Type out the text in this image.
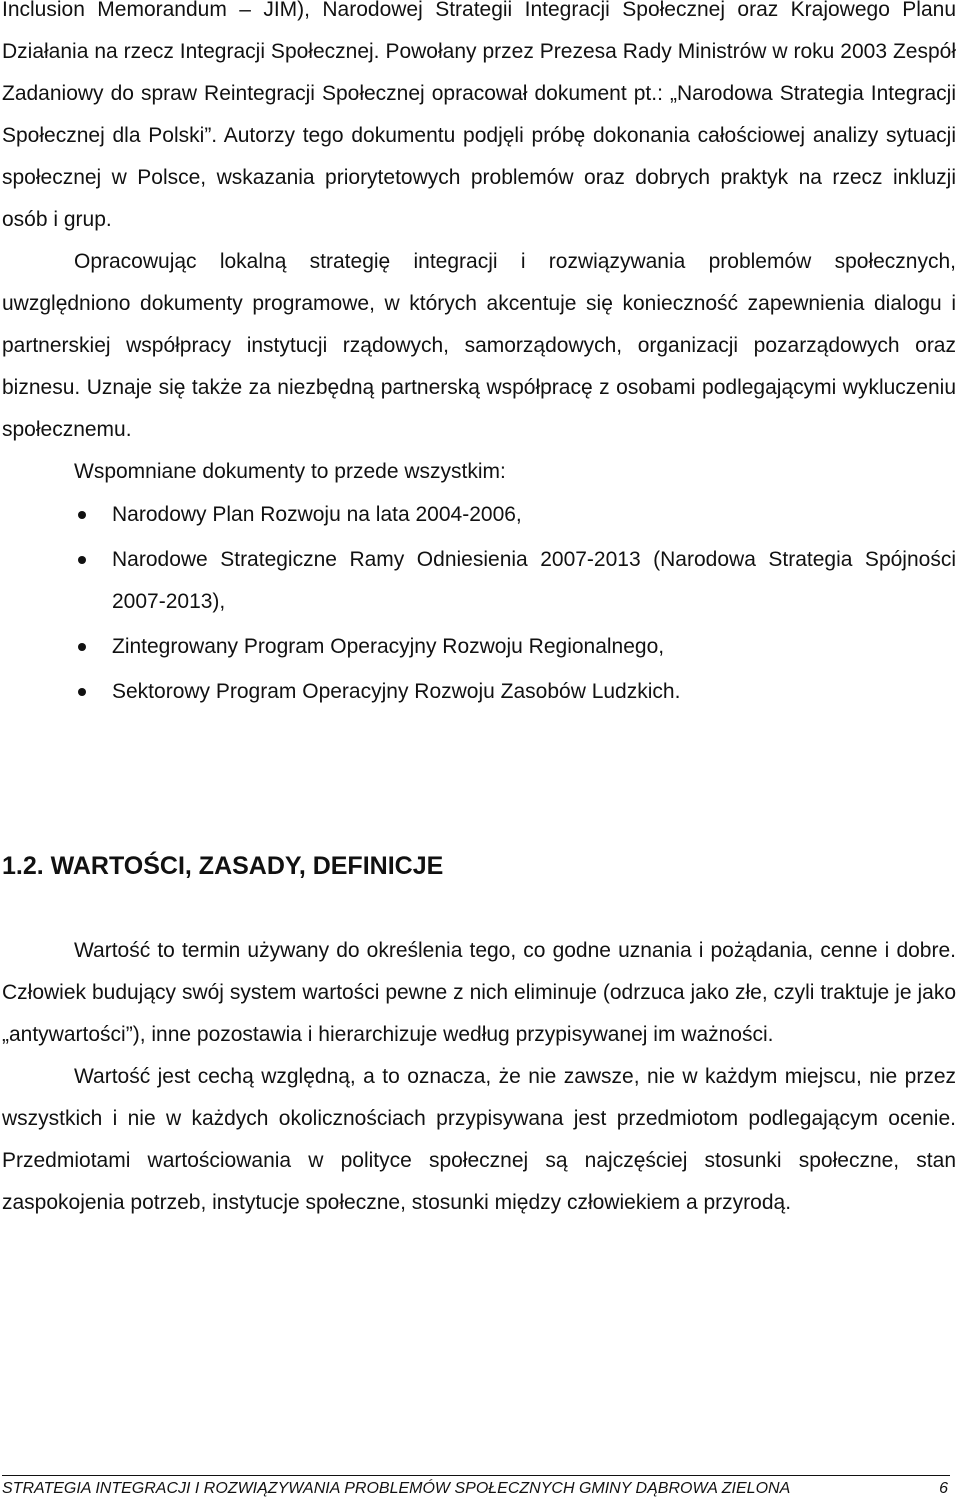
Inclusion Memorandum – JIM), Narodowej Strategii Integracji Społecznej oraz Krajowego Planu Działania na rzecz Integracji Społecznej. Powołany przez Prezesa Rady Ministrów w roku 2003 Zespół Zadaniowy do spraw Reintegracji Społecznej opracował dokument pt.: „Narodowa Strategia Integracji Społecznej dla Polski”. Autorzy tego dokumentu podjęli próbę dokonania całościowej analizy sytuacji społecznej w Polsce, wskazania priorytetowych problemów oraz dobrych praktyk na rzecz inkluzji osób i grup.

Opracowując lokalną strategię integracji i rozwiązywania problemów społecznych, uwzględniono dokumenty programowe, w których akcentuje się konieczność zapewnienia dialogu i partnerskiej współpracy instytucji rządowych, samorządowych, organizacji pozarządowych oraz biznesu. Uznaje się także za niezbędną partnerską współpracę z osobami podlegającymi wykluczeniu społecznemu.

Wspomniane dokumenty to przede wszystkim:

Narodowy Plan Rozwoju na lata 2004-2006,
Narodowe Strategiczne Ramy Odniesienia 2007-2013 (Narodowa Strategia Spójności 2007-2013),
Zintegrowany Program Operacyjny Rozwoju Regionalnego,
Sektorowy Program Operacyjny Rozwoju Zasobów Ludzkich.
1.2. WARTOŚCI, ZASADY, DEFINICJE

Wartość to termin używany do określenia tego, co godne uznania i pożądania, cenne i dobre. Człowiek budujący swój system wartości pewne z nich eliminuje (odrzuca jako złe, czyli traktuje je jako „antywartości”), inne pozostawia i hierarchizuje według przypisywanej im ważności.

Wartość jest cechą względną, a to oznacza, że nie zawsze, nie w każdym miejscu, nie przez wszystkich i nie w każdych okolicznościach przypisywana jest przedmiotom podlegającym ocenie. Przedmiotami wartościowania w polityce społecznej są najczęściej stosunki społeczne, stan zaspokojenia potrzeb, instytucje społeczne, stosunki między człowiekiem a przyrodą.

STRATEGIA INTEGRACJI I ROZWIĄZYWANIA PROBLEMÓW SPOŁECZNYCH GMINY DĄBROWA ZIELONA	6
